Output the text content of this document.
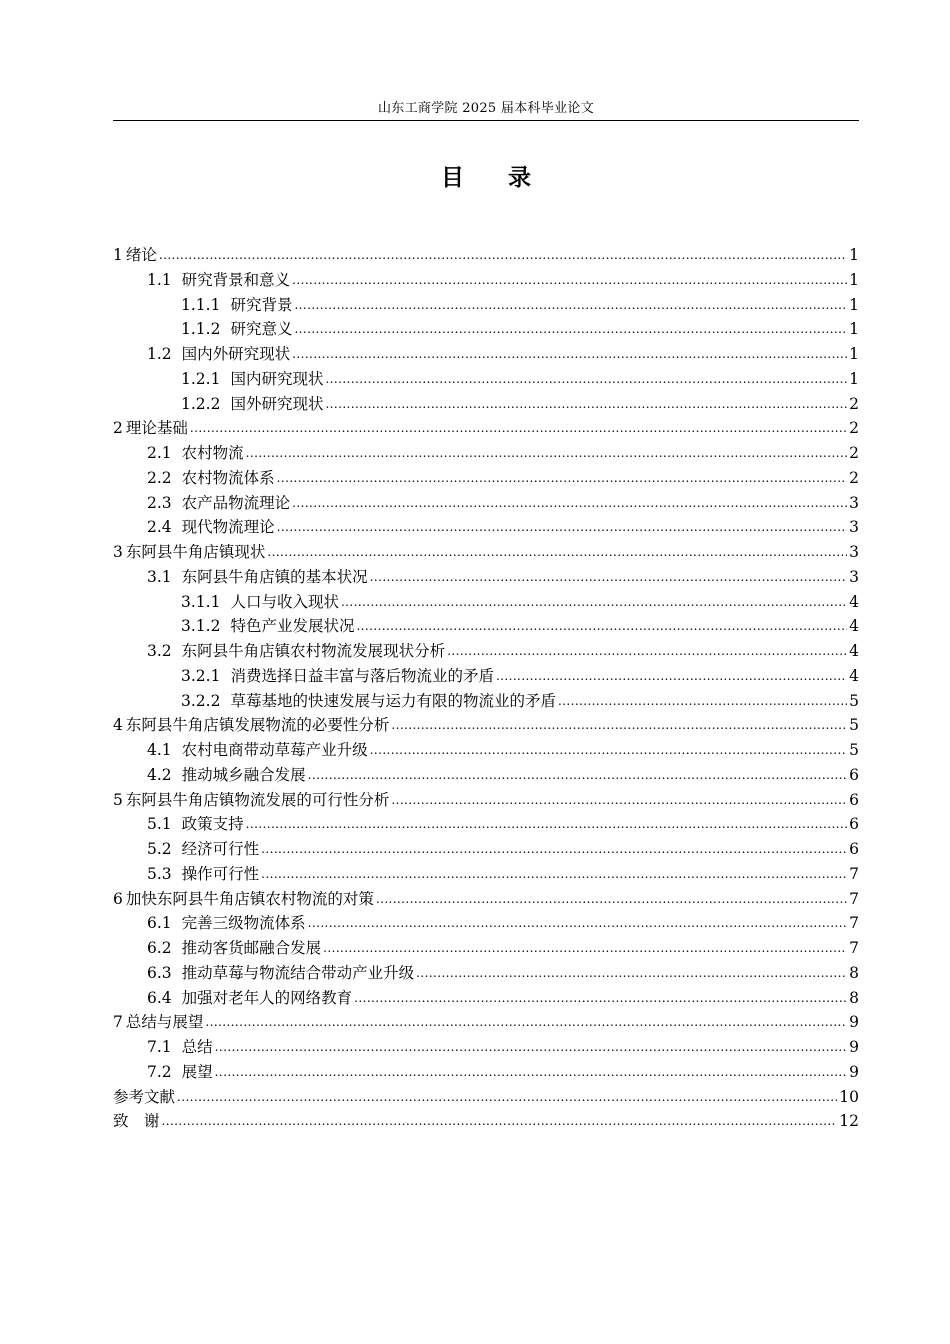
山东工商学院 2025 届本科毕业论文
目 录
1 绪论 .....	1
1.1 研究背景和意义 .....	1
1.1.1 研究背景 .....	1
1.1.2 研究意义 .....	1
1.2 国内外研究现状 .....	1
1.2.1 国内研究现状 .....	1
1.2.2 国外研究现状 .....	2
2 理论基础 .....	2
2.1 农村物流 .....	2
2.2 农村物流体系 .....	2
2.3 农产品物流理论 .....	3
2.4 现代物流理论 .....	3
3 东阿县牛角店镇现状 .....	3
3.1 东阿县牛角店镇的基本状况 .....	3
3.1.1 人口与收入现状 .....	4
3.1.2 特色产业发展状况 .....	4
3.2 东阿县牛角店镇农村物流发展现状分析 .....	4
3.2.1 消费选择日益丰富与落后物流业的矛盾 .....	4
3.2.2 草莓基地的快速发展与运力有限的物流业的矛盾 .....	5
4 东阿县牛角店镇发展物流的必要性分析 .....	5
4.1 农村电商带动草莓产业升级 .....	5
4.2 推动城乡融合发展 .....	6
5 东阿县牛角店镇物流发展的可行性分析 .....	6
5.1 政策支持 .....	6
5.2 经济可行性 .....	6
5.3 操作可行性 .....	7
6 加快东阿县牛角店镇农村物流的对策 .....	7
6.1 完善三级物流体系 .....	7
6.2 推动客货邮融合发展 .....	7
6.3 推动草莓与物流结合带动产业升级 .....	8
6.4 加强对老年人的网络教育 .....	8
7 总结与展望 .....	9
7.1 总结 .....	9
7.2 展望 .....	9
参考文献 .....	10
致　谢 .....	12
